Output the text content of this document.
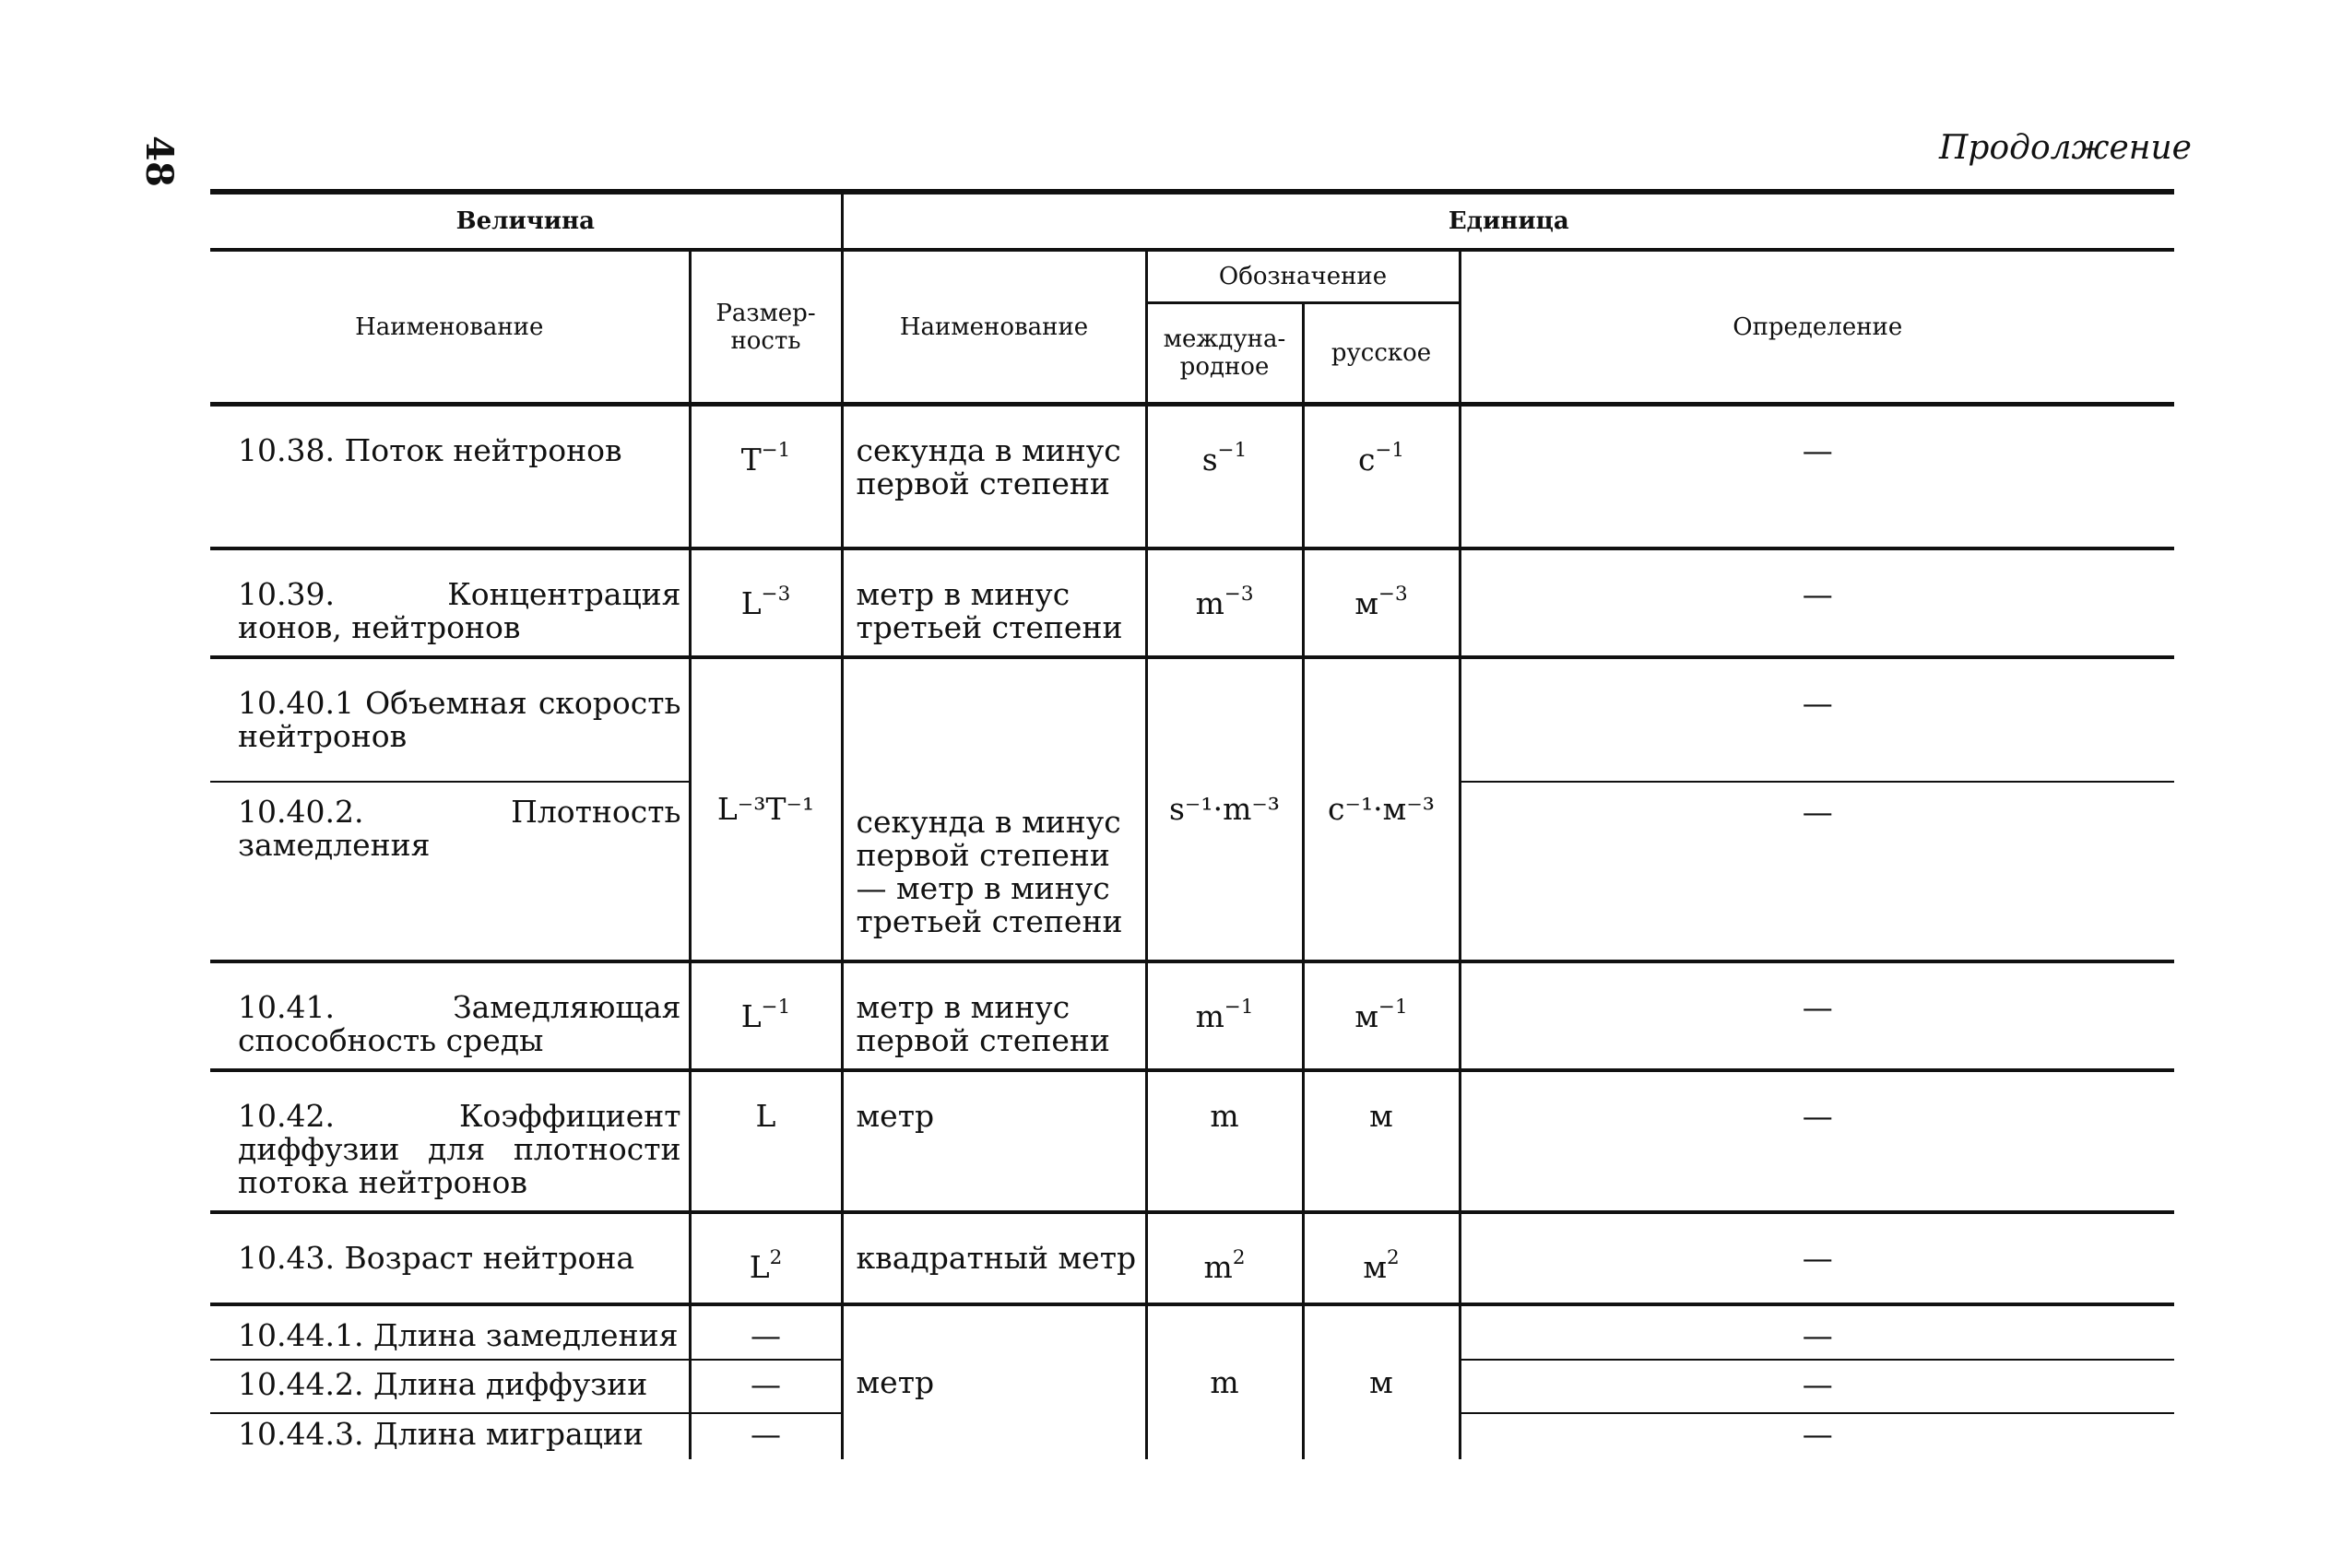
48	Продолжение
Величина		Единица			
Наименование	Размер-ность	Наименование	Обозначение		Определение
			междуна-родное	русское	
10.38. Поток нейтронов	$T^{-1}$	секунда в минус первой степени	$s^{-1}$	$с^{-1}$	—
10.39. Концентрация ионов, нейтронов	$L^{-3}$	метр в минус третьей степени	$m^{-3}$	$м^{-3}$	—
10.40.1 Объемная скорость нейтронов	L⁻³T⁻¹	секунда в минус первой степени — метр в минус третьей степени	s⁻¹·m⁻³	с⁻¹·м⁻³	—
10.40.2. Плотность замедления					—
10.41. Замедляющая способность среды	$L^{-1}$	метр в минус первой степени	$m^{-1}$	$м^{-1}$	—
10.42. Коэффициент диффузии для плотности потока нейтронов	L	метр	m	м	—
10.43. Возраст нейтрона	$L^2$	квадратный метр	$m^2$	$м^2$	—
10.44.1. Длина замедления	—	метр	m	м	—
10.44.2. Длина диффузии	—				—
10.44.3. Длина миграции	—				—
